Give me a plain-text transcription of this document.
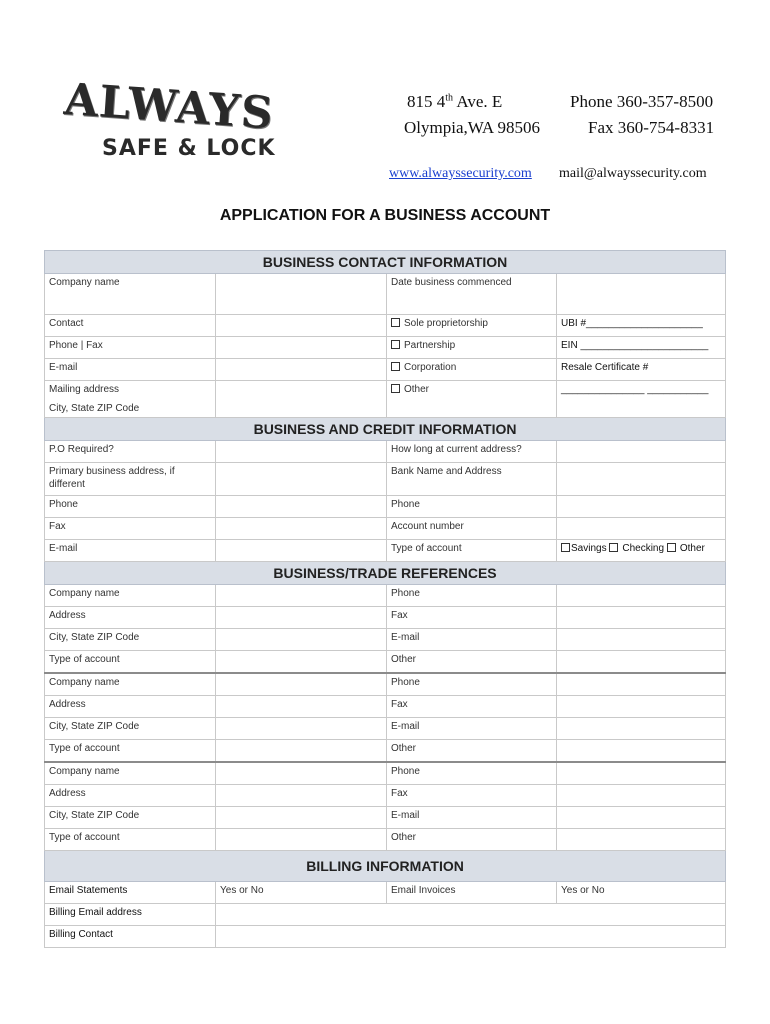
ALWAYS
SAFE & LOCK
815 4th Ave. E
Olympia,WA 98506
Phone 360-357-8500
Fax 360-754-8331
www.alwayssecurity.com mail@alwayssecurity.com
APPLICATION FOR A BUSINESS ACCOUNT
BUSINESS CONTACT INFORMATION			
Company name		Date business commenced	
Contact		Sole proprietorship	UBI #_____________________
Phone | Fax		Partnership	EIN _______________________
E-mail		Corporation	Resale Certificate #

Mailing address
City, State ZIP Code		Other	_______________ ___________
BUSINESS AND CREDIT INFORMATION			
P.O Required?		How long at current address?	
Primary business address, if different		Bank Name and Address	
Phone		Phone	
Fax		Account number	
E-mail		Type of account	Savings Checking Other
BUSINESS/TRADE REFERENCES			
Company name		Phone	
Address		Fax	
City, State ZIP Code		E-mail	
Type of account		Other	
Company name		Phone	
Address		Fax	
City, State ZIP Code		E-mail	
Type of account		Other	
Company name		Phone	
Address		Fax	
City, State ZIP Code		E-mail	
Type of account		Other	
BILLING INFORMATION			
Email Statements	Yes or No	Email Invoices	Yes or No
Billing Email address			
Billing Contact			
